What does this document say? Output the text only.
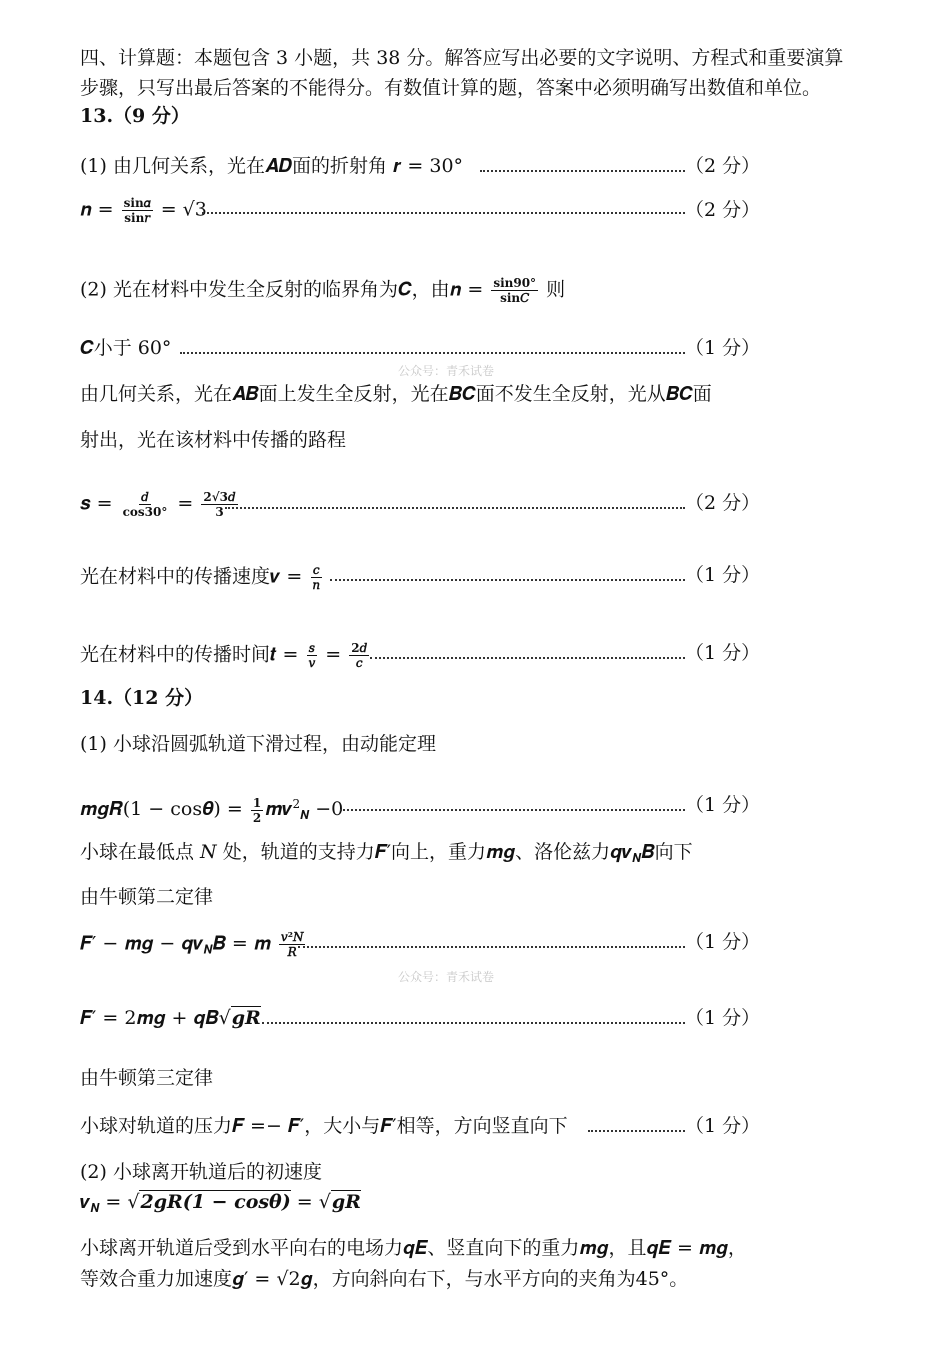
四、计算题：本题包含 3 小题，共 38 分。解答应写出必要的文字说明、方程式和重要演算
步骤，只写出最后答案的不能得分。有数值计算的题，答案中必须明确写出数值和单位。
13.（9 分）
(1) 由几何关系，光在𝑨𝑫面的折射角 𝒓 = 30°	（2 分）
𝒏 = $\frac{\text{sin𝛼}}{\text{sin𝑟}} = √3$	（2 分）
(2) 光在材料中发生全反射的临界角为𝑪，由𝒏 = $\frac{\sin 90^\circ}{\text{sin𝐶}}$ 则
𝑪小于 60°	（1 分）
公众号：青禾试卷
由几何关系，光在𝑨𝑩面上发生全反射，光在𝑩𝑪面不发生全反射，光从𝑩𝑪面
射出，光在该材料中传播的路程
𝒔 = $\frac{\text{𝑑}}{\cos 30^\circ} = \frac{\text{2√3𝑑}}{3}$	（2 分）
光在材料中的传播速度𝒗 = $\frac{\text{𝑐}}{\text{𝑛}}$	（1 分）
光在材料中的传播时间𝒕 = $\frac{\text{𝑠}}{\text{𝑣}} = \frac{\text{2𝑑}}{\text{𝑐}}$	（1 分）
14.（12 分）
(1) 小球沿圆弧轨道下滑过程，由动能定理
𝒎𝒈𝑹(1 − cos𝜽) = $\frac{1}{2}$ 𝒎𝒗$^2_𝑵$ −0	（1 分）
小球在最低点 𝑁 处，轨道的支持力𝑭′向上，重力𝒎𝒈、洛伦兹力𝒒𝒗$_𝑵$𝑩向下
由牛顿第二定律
𝑭′ − 𝒎𝒈 − 𝒒𝒗$_𝑵$𝑩 = 𝒎 $\frac{\text{𝑣²𝑁}}{\text{𝑅}}$	（1 分）
公众号：青禾试卷
𝑭′ = 2𝒎𝒈 + 𝒒𝑩√𝒈𝑹	（1 分）
由牛顿第三定律
小球对轨道的压力𝑭 =− 𝑭′，大小与𝑭′相等，方向竖直向下	（1 分）
(2) 小球离开轨道后的初速度
𝒗$_𝑵$ = √2𝒈𝑹(1 − cos𝜽) = √𝒈𝑹
小球离开轨道后受到水平向右的电场力𝒒𝑬、竖直向下的重力𝒎𝒈，且𝒒𝑬 = 𝒎𝒈，
等效合重力加速度𝒈′ = √2𝒈，方向斜向右下，与水平方向的夹角为45°。
